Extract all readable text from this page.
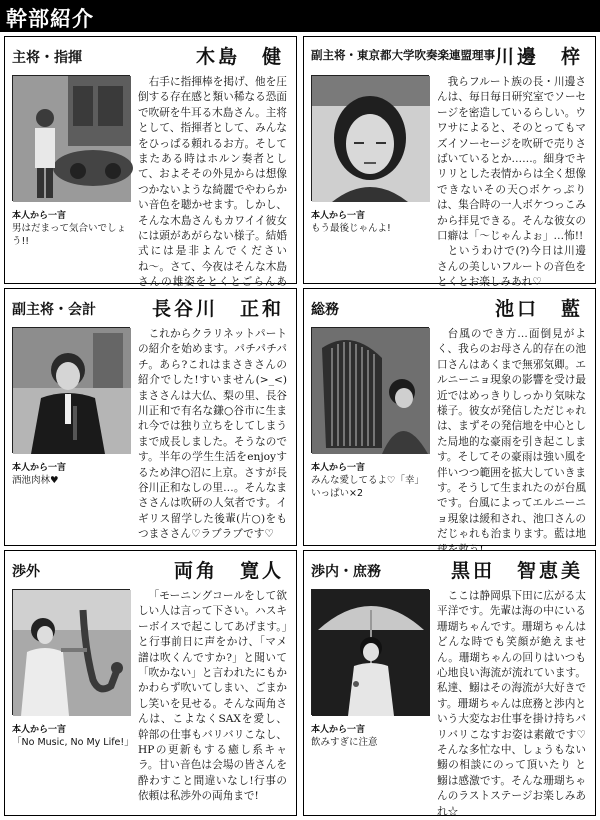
幹部紹介
主将・指揮	木島　健
本人から一言
男はだまって気合いでしょう!!

右手に指揮棒を掲げ、他を圧倒する存在感と類い稀なる恐面で吹研を牛耳る木島さん。主将として、指揮者として、みんなをひっぱる頼れるお方。そしてまたある時はホルン奏者として、およそその外見からは想像つかないような綺麗でやわらかい音色を聴かせます。しかし、そんな木島さんもカワイイ彼女には頭があがらない様子。結婚式には是非よんでくださいね〜。さて、今夜はそんな木島さんの雄姿をとくとごらんあ

副主将・東京都大学吹奏楽連盟理事 川邊　梓
本人から一言
もう最後じゃんよ!

我らフルート族の長・川邊さんは、毎日毎日研究室でソーセージを密造しているらしい。ウワサによると、そのとってもマズイソーセージを吹研で売りさばいているとか……。細身でキリリとした表情からは全く想像できないその天○ボケっぷりは、集合時の一人ボケつっこみから拝見できる。そんな彼女の口癖は「〜じゃんよぉ」…怖!!

というわけで(?)今日は川邊さんの美しいフルートの音色をとくとお楽しみあれ♡

副主将・会計	長谷川　正和
本人から一言
酒池肉林♥

これからクラリネットパートの紹介を始めます。パチパチパチ。あら?これはまさきさんの紹介でした!すいません(>_<)まささんは大仏、梨の里、長谷川正和で有名な鎌○谷市に生まれ今では独り立ちをしてしまうまで成長しました。そうなのです。半年の学生生活をenjoyするため津○沼に上京。さすが長谷川正和なしの里…。そんなまささんは吹研の人気者です。イギリス留学した後輩(片○)をもつまささん♡ラブラブです♡

総務	池口　藍
本人から一言
みんな愛してるよ♡「幸」いっぱい×2

台風のでき方…面倒見がよく、我らのお母さん的存在の池口さんはあくまで無邪気卿。エルニーニョ現象の影響を受け最近ではめっきりしっかり気味な様子。彼女が発信しただじゃれは、まずその発信地を中心とした局地的な豪雨を引き起こします。そしてその豪雨は強い風を伴いつつ範囲を拡大していきます。そうして生まれたのが台風です。台風によってエルニーニョ現象は緩和され、池口さんのだじゃれも治まります。藍は地

渉外	両角　寛人
本人から一言
「No Music, No My Life!」

「モーニングコールをして欲しい人は言って下さい。ハスキーボイスで起こしてあげます。」と行事前日に声をかけ、「マメ譜は吹くんですか?」と聞いて「吹かない」と言われたにもかかわらず吹いてしまい、ごまかし笑いを見せる。そんな両角さんは、こよなくSAXを愛し、幹部の仕事もバリバリこなし、HPの更新もする癒し系キャラ。甘い音色は会場の皆さんを酔わすこと間違いなし!行事の依頼は私渉外の両角まで!

渉内・庶務	黒田　智恵美
本人から一言
飲みすぎに注意

ここは静岡県下田に広がる太平洋です。先輩は海の中にいる珊瑚ちゃんです。珊瑚ちゃんはどんな時でも笑顔が絶えません。珊瑚ちゃんの回りはいつも心地良い海流が流れています。私達、鰯はその海流が大好きです。珊瑚ちゃんは庶務と渉内という大変なお仕事を掛け持ちバリバリこなすお姿は素敵です♡そんな多忙な中、しょうもない鰯の相談にのって頂いたり と鰯は感激です。そんな珊瑚ちゃんのラストステージお楽しみあれ☆
